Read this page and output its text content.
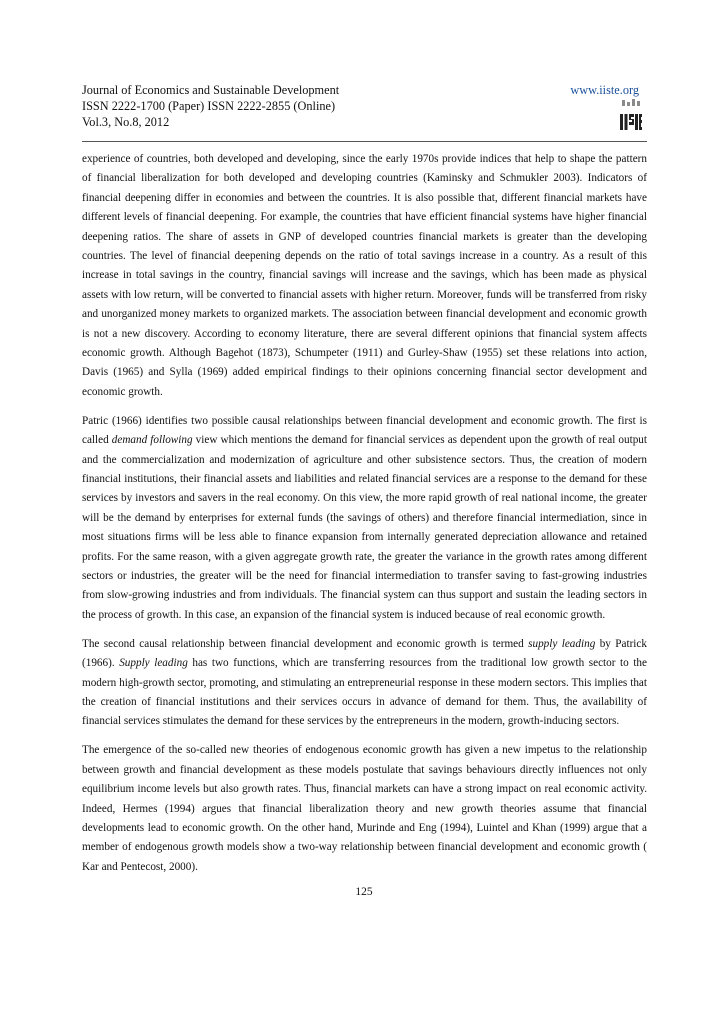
Journal of Economics and Sustainable Development
ISSN 2222-1700 (Paper) ISSN 2222-2855 (Online)
Vol.3, No.8, 2012
www.iiste.org

experience of countries, both developed and developing, since the early 1970s provide indices that help to shape the pattern of financial liberalization for both developed and developing countries (Kaminsky and Schmukler 2003). Indicators of financial deepening differ in economies and between the countries. It is also possible that, different financial markets have different levels of financial deepening. For example, the countries that have efficient financial systems have higher financial deepening ratios. The share of assets in GNP of developed countries financial markets is greater than the developing countries. The level of financial deepening depends on the ratio of total savings increase in a country. As a result of this increase in total savings in the country, financial savings will increase and the savings, which has been made as physical assets with low return, will be converted to financial assets with higher return. Moreover, funds will be transferred from risky and unorganized money markets to organized markets. The association between financial development and economic growth is not a new discovery. According to economy literature, there are several different opinions that financial system affects economic growth. Although Bagehot (1873), Schumpeter (1911) and Gurley-Shaw (1955) set these relations into action, Davis (1965) and Sylla (1969) added empirical findings to their opinions concerning financial sector development and economic growth.

Patric (1966) identifies two possible causal relationships between financial development and economic growth. The first is called demand following view which mentions the demand for financial services as dependent upon the growth of real output and the commercialization and modernization of agriculture and other subsistence sectors. Thus, the creation of modern financial institutions, their financial assets and liabilities and related financial services are a response to the demand for these services by investors and savers in the real economy. On this view, the more rapid growth of real national income, the greater will be the demand by enterprises for external funds (the savings of others) and therefore financial intermediation, since in most situations firms will be less able to finance expansion from internally generated depreciation allowance and retained profits. For the same reason, with a given aggregate growth rate, the greater the variance in the growth rates among different sectors or industries, the greater will be the need for financial intermediation to transfer saving to fast-growing industries from slow-growing industries and from individuals. The financial system can thus support and sustain the leading sectors in the process of growth. In this case, an expansion of the financial system is induced because of real economic growth.

The second causal relationship between financial development and economic growth is termed supply leading by Patrick (1966). Supply leading has two functions, which are transferring resources from the traditional low growth sector to the modern high-growth sector, promoting, and stimulating an entrepreneurial response in these modern sectors. This implies that the creation of financial institutions and their services occurs in advance of demand for them. Thus, the availability of financial services stimulates the demand for these services by the entrepreneurs in the modern, growth-inducing sectors.

The emergence of the so-called new theories of endogenous economic growth has given a new impetus to the relationship between growth and financial development as these models postulate that savings behaviours directly influences not only equilibrium income levels but also growth rates. Thus, financial markets can have a strong impact on real economic activity. Indeed, Hermes (1994) argues that financial liberalization theory and new growth theories assume that financial developments lead to economic growth. On the other hand, Murinde and Eng (1994), Luintel and Khan (1999) argue that a member of endogenous growth models show a two-way relationship between financial development and economic growth ( Kar and Pentecost, 2000).

125
